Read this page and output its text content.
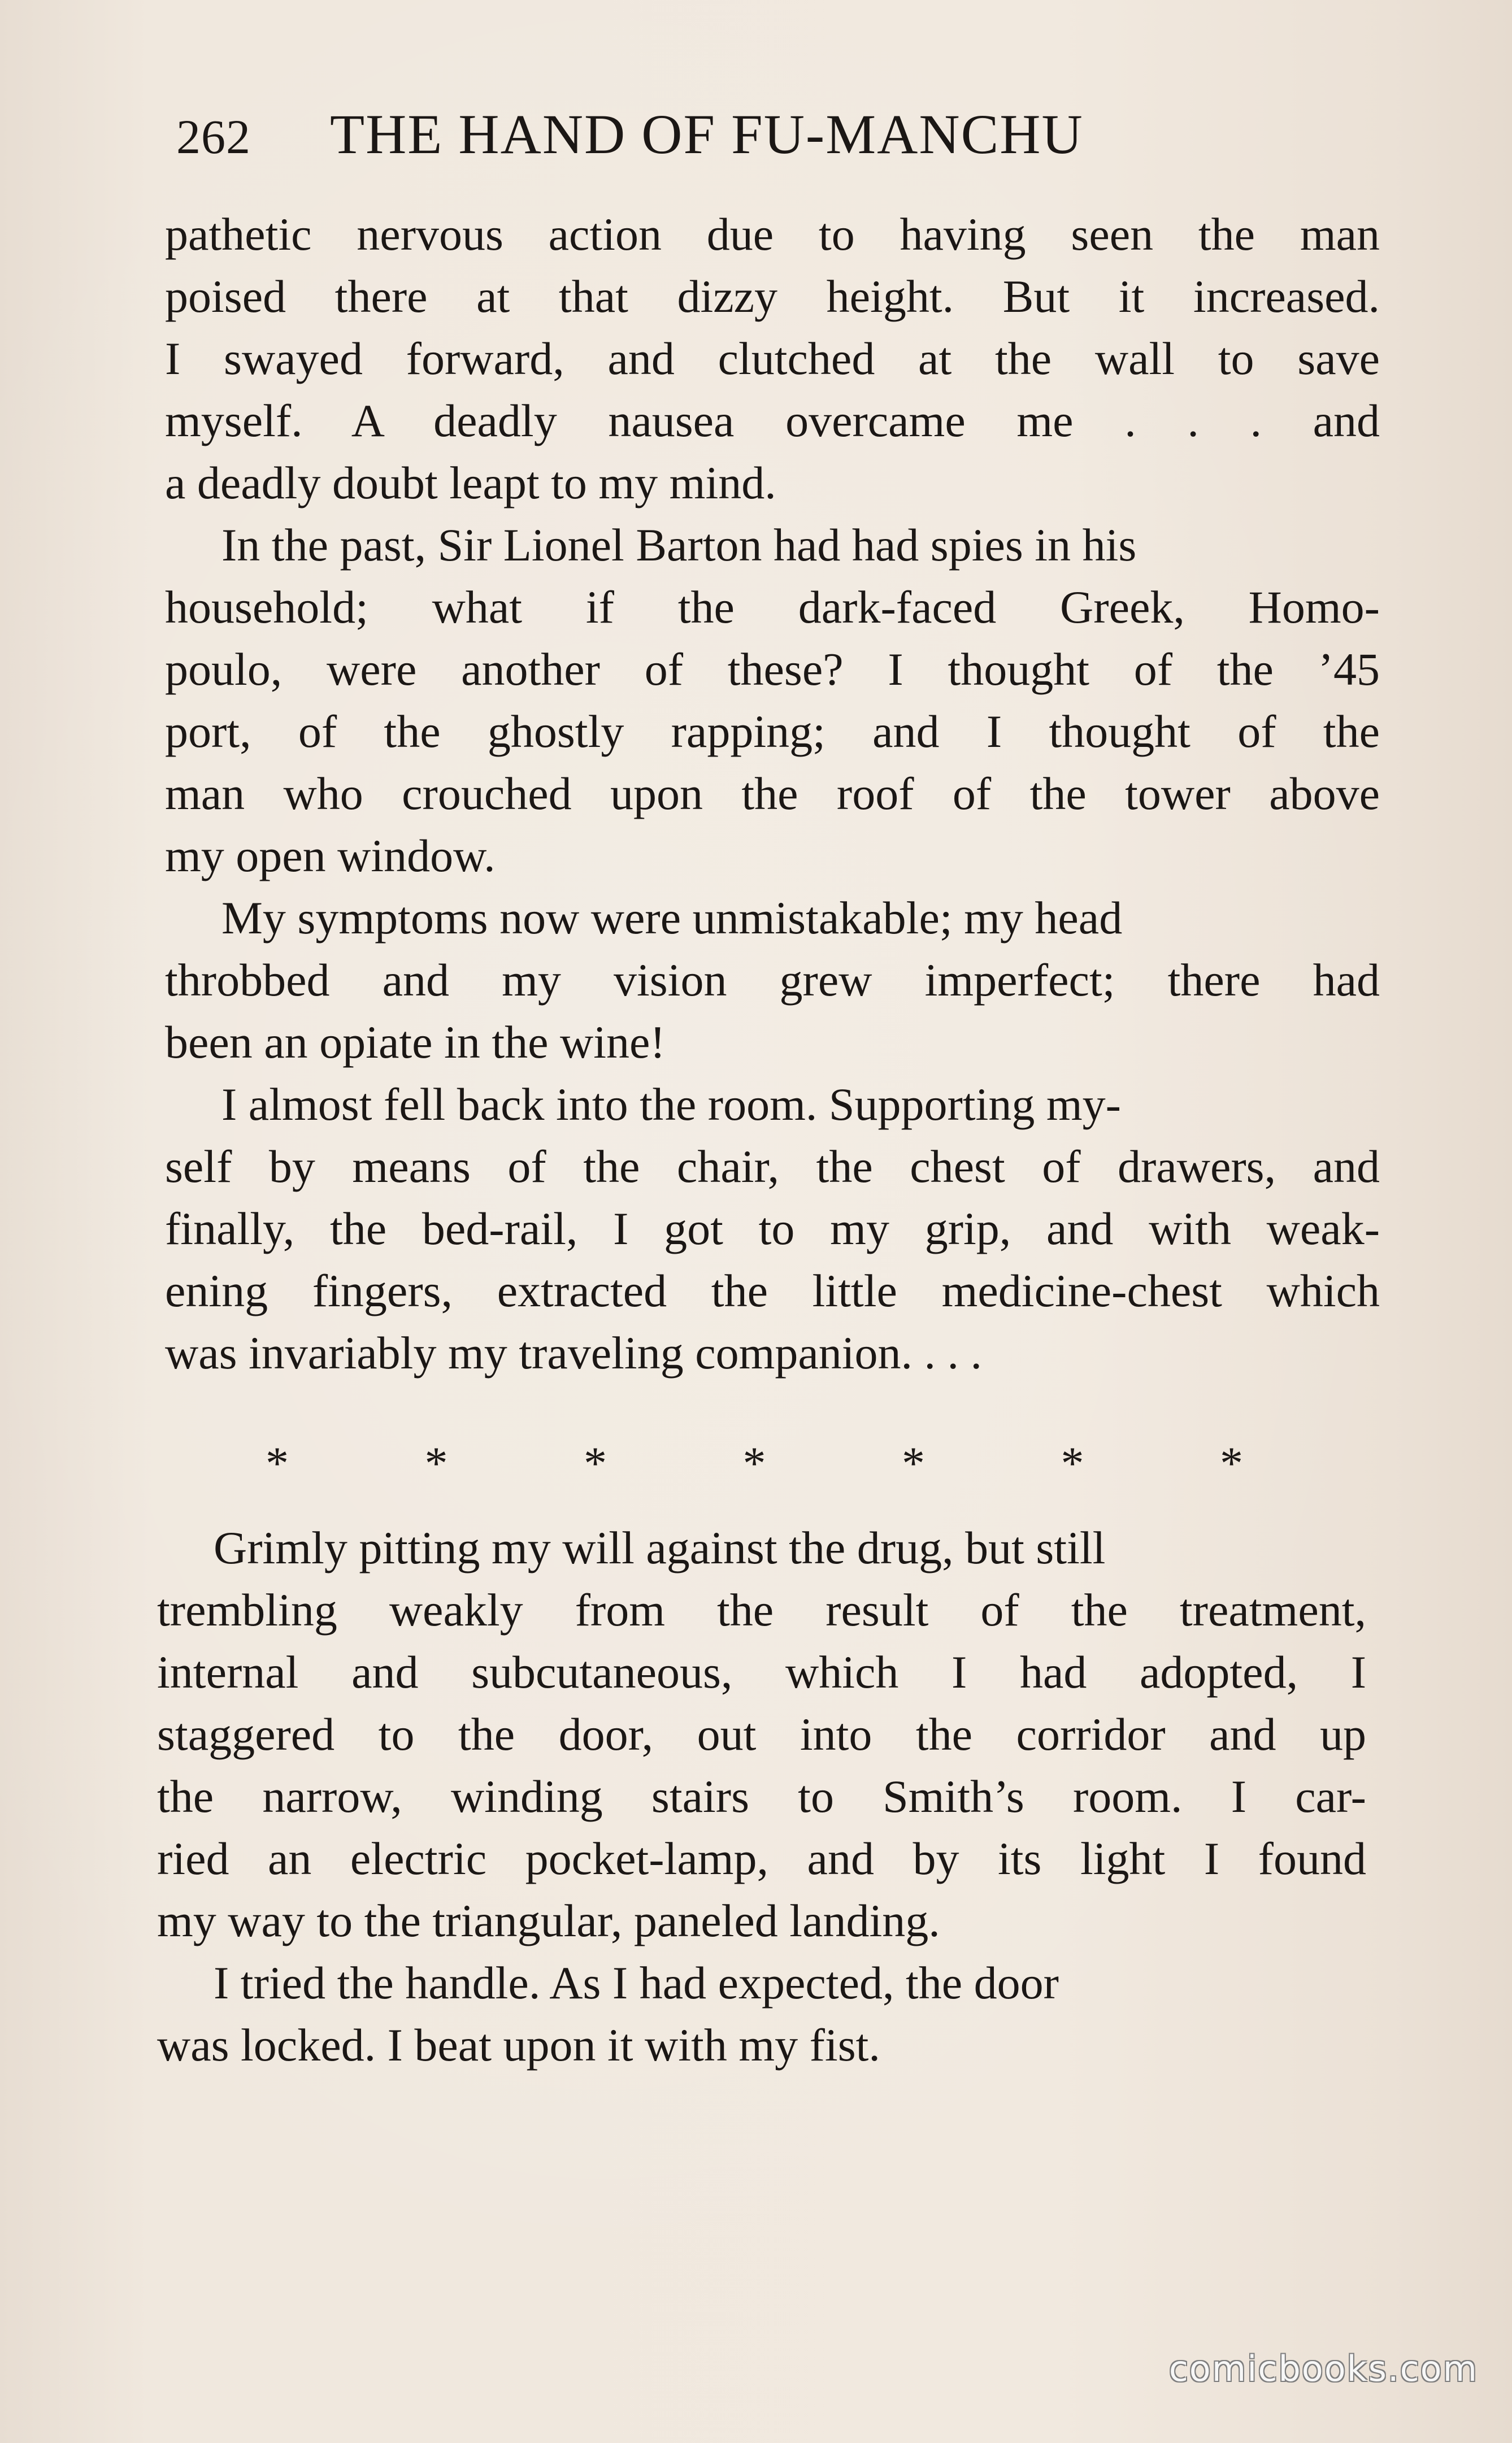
262 THE HAND OF FU-MANCHU
pathetic nervous action due to having seen the man
poised there at that dizzy height. But it increased.
I swayed forward, and clutched at the wall to save
myself. A deadly nausea overcame me . . . and
a deadly doubt leapt to my mind.
In the past, Sir Lionel Barton had had spies in his
household; what if the dark-faced Greek, Homo-
poulo, were another of these? I thought of the ’45
port, of the ghostly rapping; and I thought of the
man who crouched upon the roof of the tower above
my open window.
My symptoms now were unmistakable; my head
throbbed and my vision grew imperfect; there had
been an opiate in the wine!
I almost fell back into the room. Supporting my-
self by means of the chair, the chest of drawers, and
finally, the bed-rail, I got to my grip, and with weak-
ening fingers, extracted the little medicine-chest which
was invariably my traveling companion. . . .
*	*	*	*	*	*	*
Grimly pitting my will against the drug, but still
trembling weakly from the result of the treatment,
internal and subcutaneous, which I had adopted, I
staggered to the door, out into the corridor and up
the narrow, winding stairs to Smith’s room. I car-
ried an electric pocket-lamp, and by its light I found
my way to the triangular, paneled landing.
I tried the handle. As I had expected, the door
was locked. I beat upon it with my fist.
comicbooks.com
